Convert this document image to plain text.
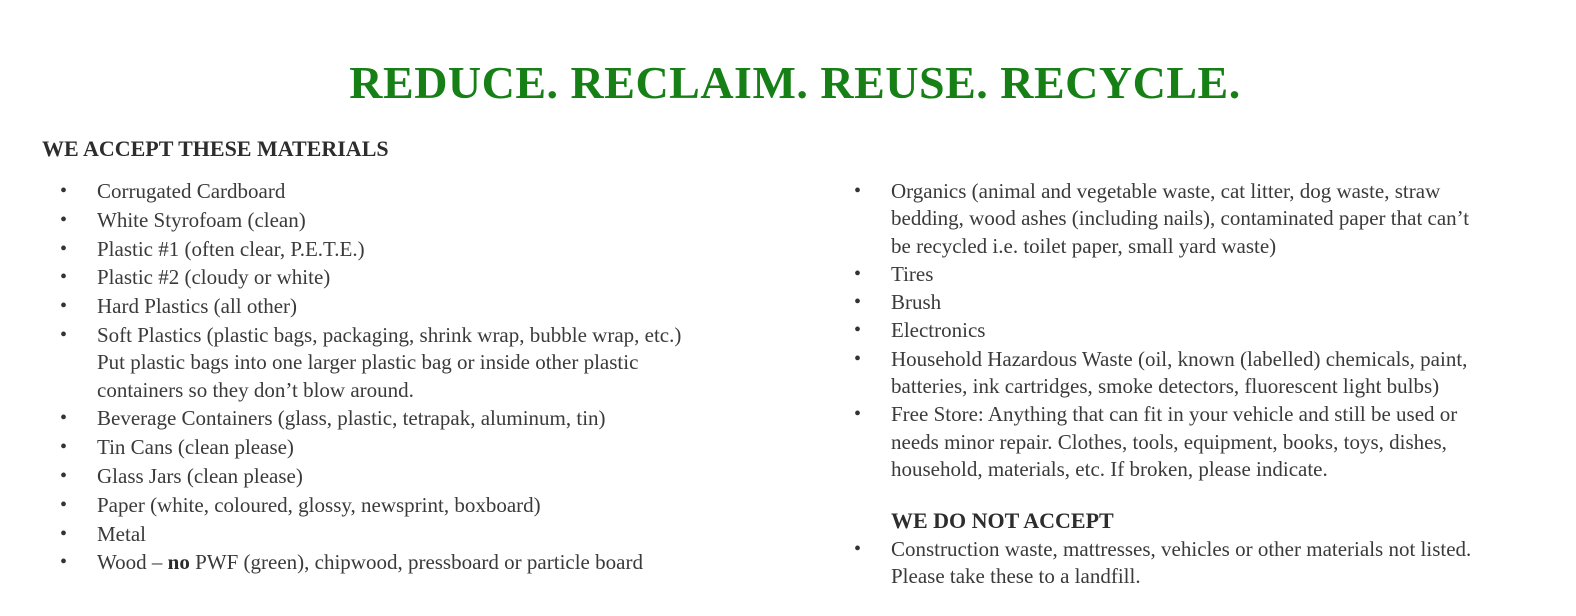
REDUCE. RECLAIM. REUSE. RECYCLE.
WE ACCEPT THESE MATERIALS
• Corrugated Cardboard
• White Styrofoam (clean)
• Plastic #1 (often clear, P.E.T.E.)
• Plastic #2 (cloudy or white)
• Hard Plastics (all other)
• Soft Plastics (plastic bags, packaging, shrink wrap, bubble wrap, etc.)
Put plastic bags into one larger plastic bag or inside other plastic
containers so they don’t blow around.
• Beverage Containers (glass, plastic, tetrapak, aluminum, tin)
• Tin Cans (clean please)
• Glass Jars (clean please)
• Paper (white, coloured, glossy, newsprint, boxboard)
• Metal
• Wood – no PWF (green), chipwood, pressboard or particle board
• Organics (animal and vegetable waste, cat litter, dog waste, straw
bedding, wood ashes (including nails), contaminated paper that can’t
be recycled i.e. toilet paper, small yard waste)
• Tires
• Brush
• Electronics
• Household Hazardous Waste (oil, known (labelled) chemicals, paint,
batteries, ink cartridges, smoke detectors, fluorescent light bulbs)
• Free Store: Anything that can fit in your vehicle and still be used or
needs minor repair. Clothes, tools, equipment, books, toys, dishes,
household, materials, etc. If broken, please indicate.
WE DO NOT ACCEPT
• Construction waste, mattresses, vehicles or other materials not listed.
Please take these to a landfill.
